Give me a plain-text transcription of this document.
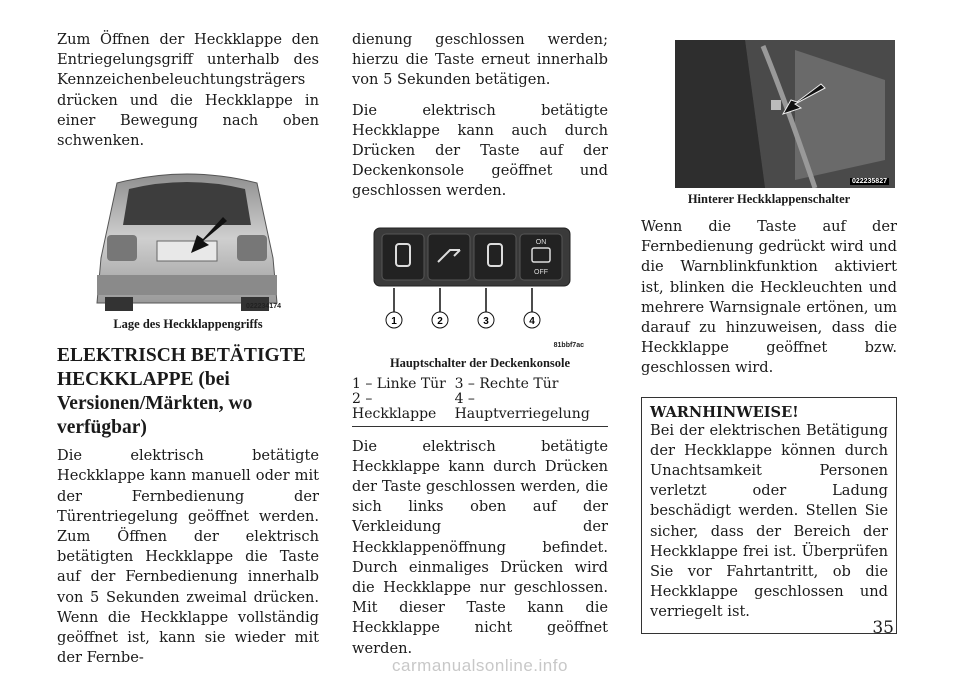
Zum Öffnen der Heckklappe den Entriegelungsgriff unterhalb des Kennzeichenbeleuchtungsträgers drücken und die Heckklappe in einer Bewegung nach oben schwenken.

022234174
Lage des Heckklappengriffs
ELEKTRISCH BETÄTIGTE HECKKLAPPE (bei Versionen/Märkten, wo verfügbar)

Die elektrisch betätigte Heckklappe kann manuell oder mit der Fernbedienung der Türentriegelung geöffnet werden. Zum Öffnen der elektrisch betätigten Heckklappe die Taste auf der Fernbedienung innerhalb von 5 Sekunden zweimal drücken. Wenn die Heckklappe vollständig geöffnet ist, kann sie wieder mit der Fernbe-

dienung geschlossen werden; hierzu die Taste erneut innerhalb von 5 Sekunden betätigen.

Die elektrisch betätigte Heckklappe kann auch durch Drücken der Taste auf der Deckenkonsole geöffnet und geschlossen werden.

ON
OFF
1	2	3	4
81bbf7ac
Hauptschalter der Deckenkonsole
1 – Linke Tür	3 – Rechte Tür
2 – Heckklappe	4 – Hauptverriegelung

Die elektrisch betätigte Heckklappe kann durch Drücken der Taste geschlossen werden, die sich links oben auf der Verkleidung der Heckklappenöffnung befindet. Durch einmaliges Drücken wird die Heckklappe nur geschlossen. Mit dieser Taste kann die Heckklappe nicht geöffnet werden.

022235827
Hinterer Heckklappenschalter

Wenn die Taste auf der Fernbedienung gedrückt wird und die Warnblinkfunktion aktiviert ist, blinken die Heckleuchten und mehrere Warnsignale ertönen, um darauf zu hinzuweisen, dass die Heckklappe geöffnet bzw. geschlossen wird.

WARNHINWEISE!

Bei der elektrischen Betätigung der Heckklappe können durch Unachtsamkeit Personen verletzt oder Ladung beschädigt werden. Stellen Sie sicher, dass der Bereich der Heckklappe frei ist. Überprüfen Sie vor Fahrtantritt, ob die Heckklappe geschlossen und verriegelt ist.

35
carmanualsonline.info
